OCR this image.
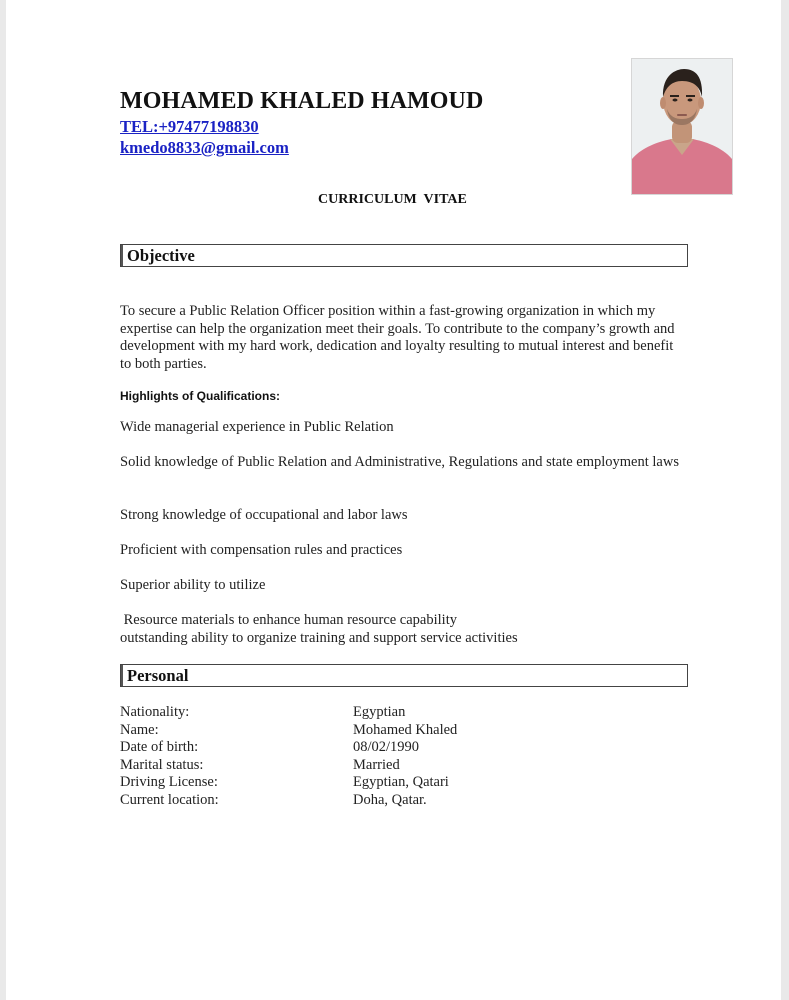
MOHAMED KHALED HAMOUD
TEL:+97477198830
kmedo8833@gmail.com
CURRICULUM  VITAE
Objective
To secure a Public Relation Officer position within a fast-growing organization in which my expertise can help the organization meet their goals. To contribute to the company’s growth and development with my hard work, dedication and loyalty resulting to mutual interest and benefit to both parties.
Highlights of Qualifications:
Wide managerial experience in Public Relation
Solid knowledge of Public Relation and Administrative, Regulations and state employment laws
Strong knowledge of occupational and labor laws
Proficient with compensation rules and practices
Superior ability to utilize
Resource materials to enhance human resource capability
outstanding ability to organize training and support service activities
Personal
Nationality:	Egyptian
Name:	Mohamed Khaled
Date of birth:	08/02/1990
Marital status:	Married
Driving License:	Egyptian, Qatari
Current location:	Doha, Qatar.
